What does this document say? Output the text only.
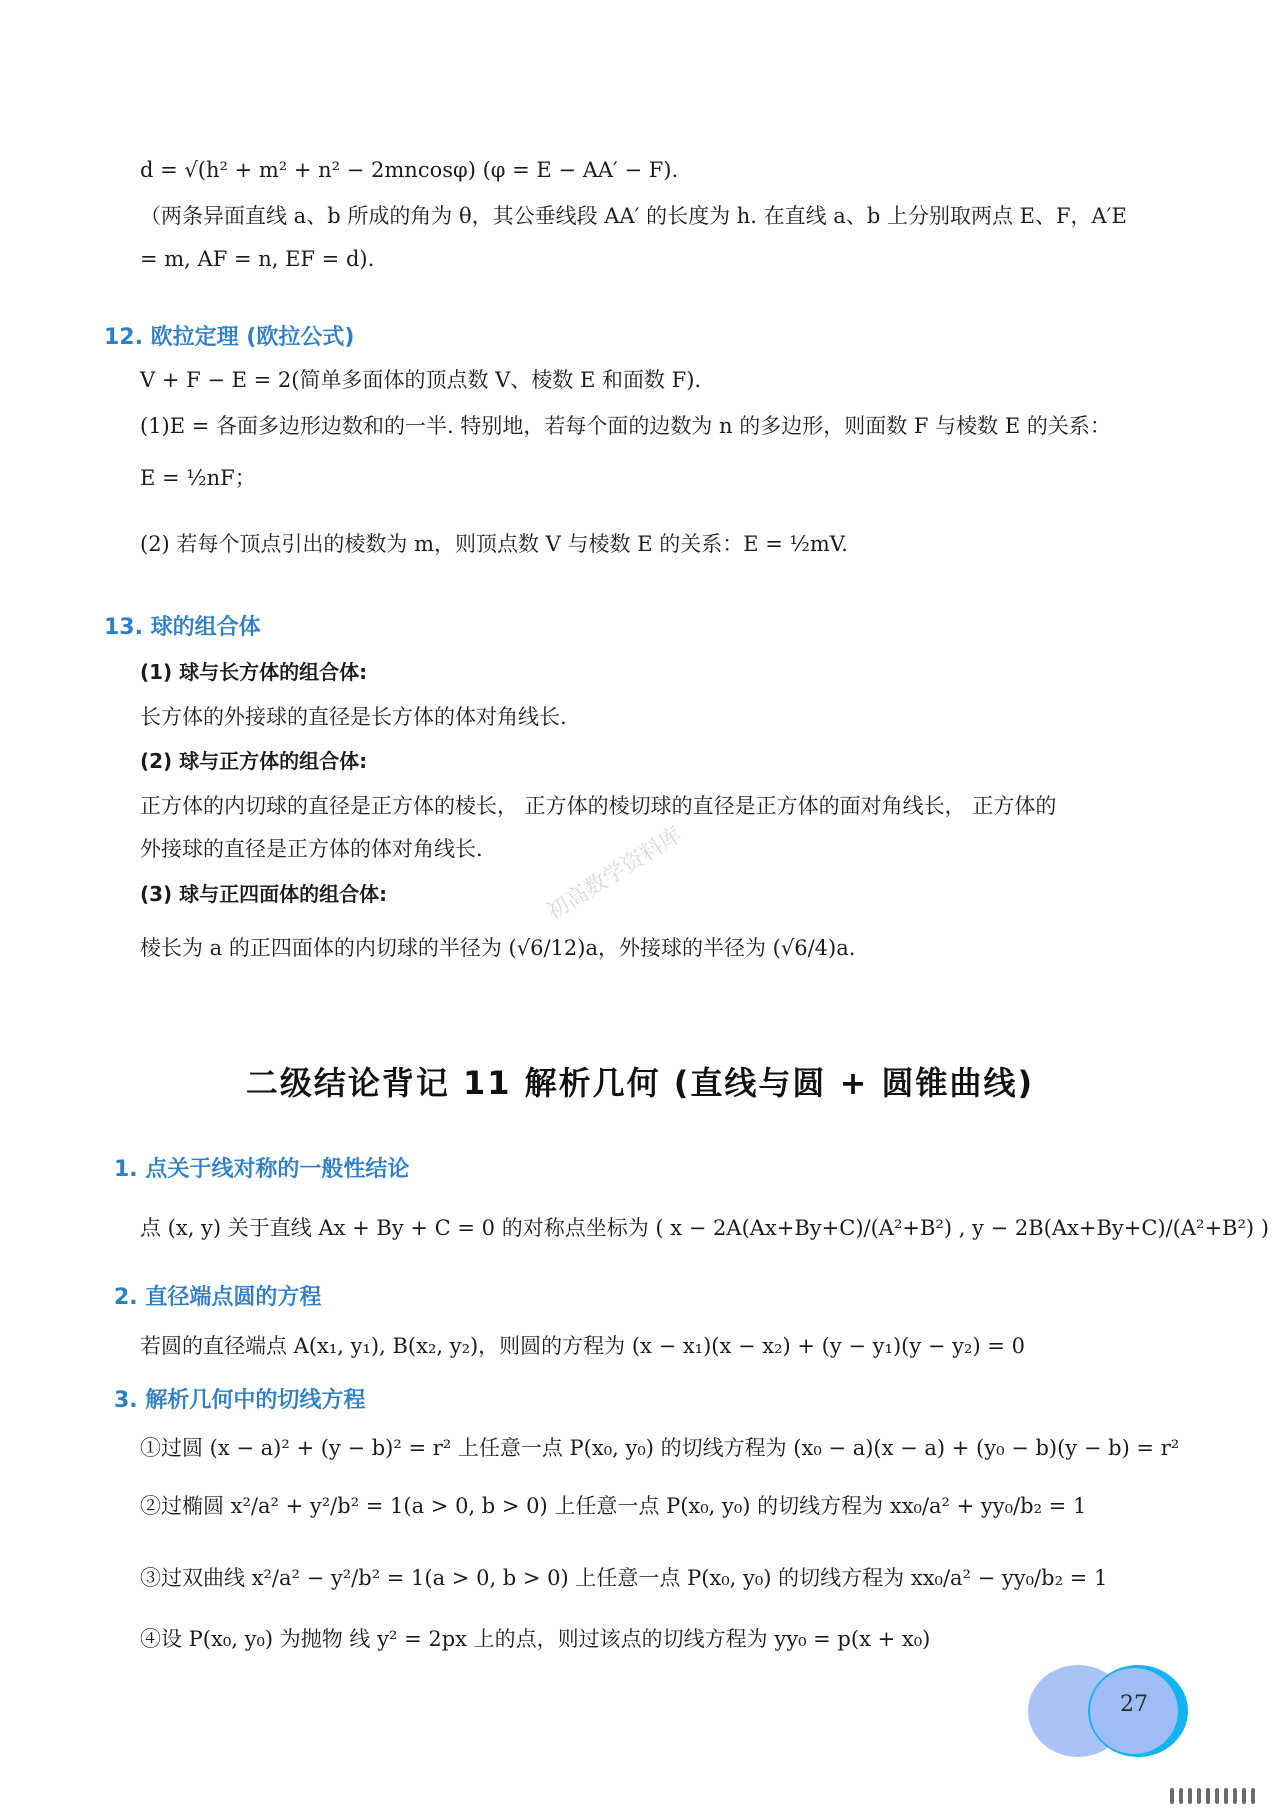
d = √(h² + m² + n² − 2mncosφ) (φ = E − AA′ − F).
（两条异面直线 a、b 所成的角为 θ，其公垂线段 AA′ 的长度为 h. 在直线 a、b 上分别取两点 E、F，A′E
= m, AF = n, EF = d).
12. 欧拉定理 (欧拉公式)
V + F − E = 2(简单多面体的顶点数 V、棱数 E 和面数 F).
(1)E = 各面多边形边数和的一半. 特别地，若每个面的边数为 n 的多边形，则面数 F 与棱数 E 的关系：
E = ½nF；
(2) 若每个顶点引出的棱数为 m，则顶点数 V 与棱数 E 的关系：E = ½mV.
13. 球的组合体
(1) 球与长方体的组合体:
长方体的外接球的直径是长方体的体对角线长.
(2) 球与正方体的组合体:
正方体的内切球的直径是正方体的棱长， 正方体的棱切球的直径是正方体的面对角线长， 正方体的
外接球的直径是正方体的体对角线长.
(3) 球与正四面体的组合体:
棱长为 a 的正四面体的内切球的半径为 (√6/12)a，外接球的半径为 (√6/4)a.
初高数学资料库
二级结论背记 11 解析几何 (直线与圆 + 圆锥曲线)
1. 点关于线对称的一般性结论
点 (x, y) 关于直线 Ax + By + C = 0 的对称点坐标为 ( x − 2A(Ax+By+C)/(A²+B²) , y − 2B(Ax+By+C)/(A²+B²) )
2. 直径端点圆的方程
若圆的直径端点 A(x₁, y₁), B(x₂, y₂)，则圆的方程为 (x − x₁)(x − x₂) + (y − y₁)(y − y₂) = 0
3. 解析几何中的切线方程
①过圆 (x − a)² + (y − b)² = r² 上任意一点 P(x₀, y₀) 的切线方程为 (x₀ − a)(x − a) + (y₀ − b)(y − b) = r²
②过椭圆 x²/a² + y²/b² = 1(a > 0, b > 0) 上任意一点 P(x₀, y₀) 的切线方程为 xx₀/a² + yy₀/b₂ = 1
③过双曲线 x²/a² − y²/b² = 1(a > 0, b > 0) 上任意一点 P(x₀, y₀) 的切线方程为 xx₀/a² − yy₀/b₂ = 1
④设 P(x₀, y₀) 为抛物 线 y² = 2px 上的点，则过该点的切线方程为 yy₀ = p(x + x₀)
27
